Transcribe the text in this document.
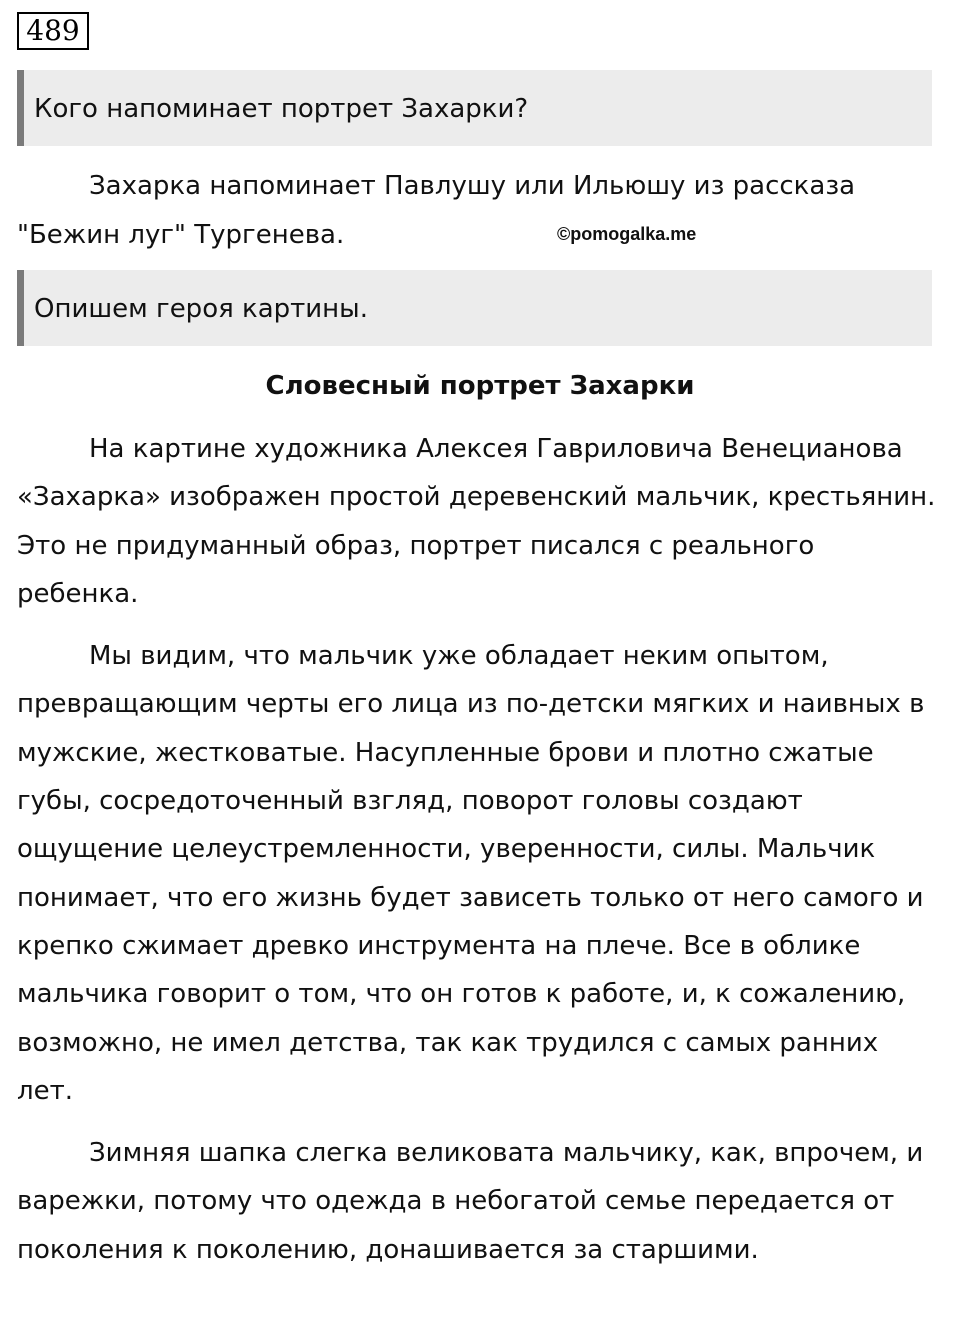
489
Кого напоминает портрет Захарки?

Захарка напоминает Павлушу или Ильюшу из рассказа

"Бежин луг" Тургенева.	©pomogalka.me
Опишем героя картины.
Словесный портрет Захарки

На картине художника Алексея Гавриловича Венецианова «Захарка» изображен простой деревенский мальчик, крестьянин. Это не придуманный образ, портрет писался с реального ребенка.

Мы видим, что мальчик уже обладает неким опытом, превращающим черты его лица из по-детски мягких и наивных в мужские, жестковатые. Насупленные брови и плотно сжатые губы, сосредоточенный взгляд, поворот головы создают ощущение целеустремленности, уверенности, силы. Мальчик понимает, что его жизнь будет зависеть только от него самого и крепко сжимает древко инструмента на плече. Все в облике мальчика говорит о том, что он готов к работе, и, к сожалению, возможно, не имел детства, так как трудился с самых ранних лет.

Зимняя шапка слегка великовата мальчику, как, впрочем, и варежки, потому что одежда в небогатой семье передается от поколения к поколению, донашивается за старшими.
